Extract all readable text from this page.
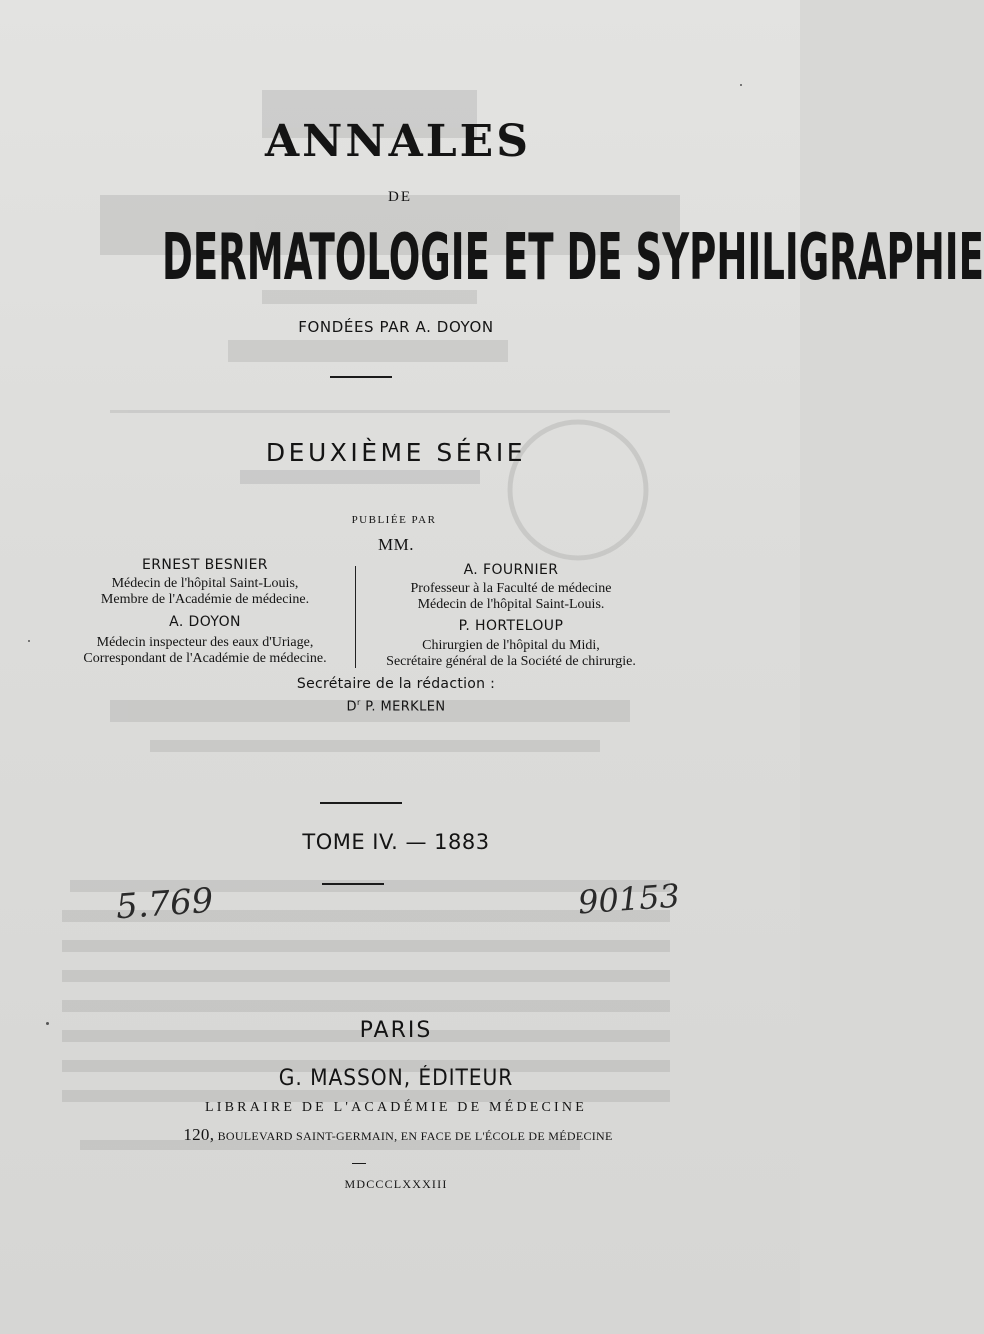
ANNALES
DE
DERMATOLOGIE ET DE SYPHILIGRAPHIE
FONDÉES PAR A. DOYON
DEUXIÈME SÉRIE
PUBLIÉE PAR
MM.
ERNEST BESNIER
Médecin de l'hôpital Saint-Louis,
Membre de l'Académie de médecine.
A. DOYON
Médecin inspecteur des eaux d'Uriage,
Correspondant de l'Académie de médecine.
A. FOURNIER
Professeur à la Faculté de médecine
Médecin de l'hôpital Saint-Louis.
P. HORTELOUP
Chirurgien de l'hôpital du Midi,
Secrétaire général de la Société de chirurgie.
Secrétaire de la rédaction :
$D^r$ P. MERKLEN
TOME IV. — 1883
5.769	90153
PARIS
G. MASSON, ÉDITEUR
LIBRAIRE DE L'ACADÉMIE DE MÉDECINE
120, BOULEVARD SAINT-GERMAIN, EN FACE DE L'ÉCOLE DE MÉDECINE
MDCCCLXXXIII
